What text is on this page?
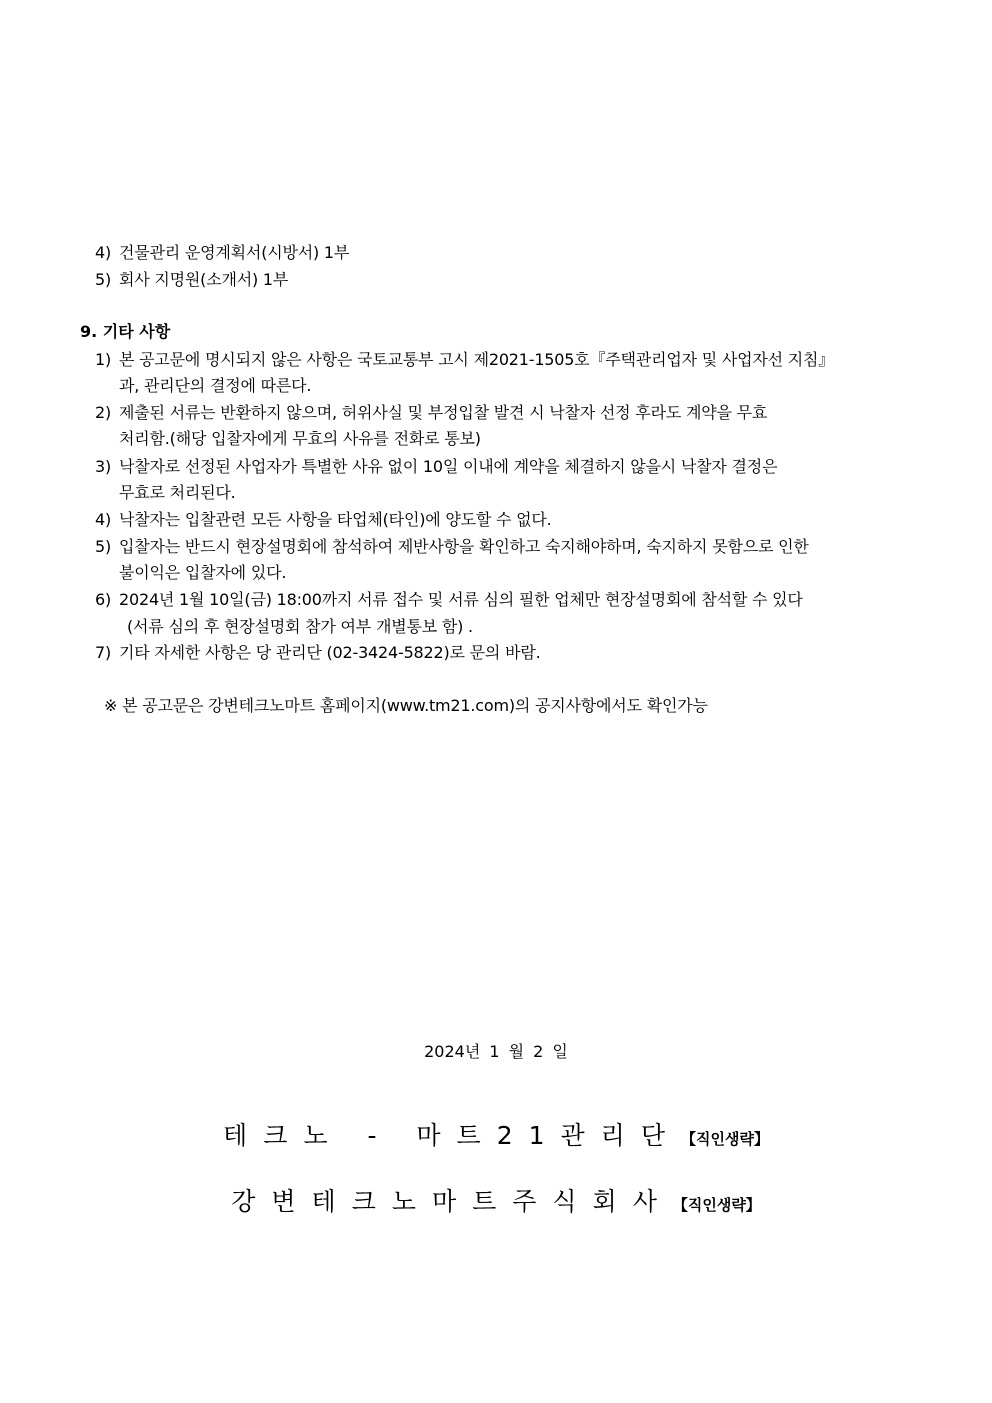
4) 건물관리 운영계획서(시방서) 1부
5) 회사 지명원(소개서) 1부
9. 기타 사항
1) 본 공고문에 명시되지 않은 사항은 국토교통부 고시 제2021-1505호『주택관리업자 및 사업자선 지침』
과, 관리단의 결정에 따른다.
2) 제출된 서류는 반환하지 않으며, 허위사실 및 부정입찰 발견 시 낙찰자 선정 후라도 계약을 무효
처리함.(해당 입찰자에게 무효의 사유를 전화로 통보)
3) 낙찰자로 선정된 사업자가 특별한 사유 없이 10일 이내에 계약을 체결하지 않을시 낙찰자 결정은
무효로 처리된다.
4) 낙찰자는 입찰관련 모든 사항을 타업체(타인)에 양도할 수 없다.
5) 입찰자는 반드시 현장설명회에 참석하여 제반사항을 확인하고 숙지해야하며, 숙지하지 못함으로 인한
불이익은 입찰자에 있다.
6) 2024년 1월 10일(금) 18:00까지 서류 접수 및 서류 심의 필한 업체만 현장설명회에 참석할 수 있다
(서류 심의 후 현장설명회 참가 여부 개별통보 함) .
7) 기타 자세한 사항은 당 관리단 (02-3424-5822)로 문의 바람.
※ 본 공고문은 강변테크노마트 홈페이지(www.tm21.com)의 공지사항에서도 확인가능
2024년 1 월 2 일
테크노 - 마트21관리단【직인생략】
강변테크노마트주식회사【직인생략】
